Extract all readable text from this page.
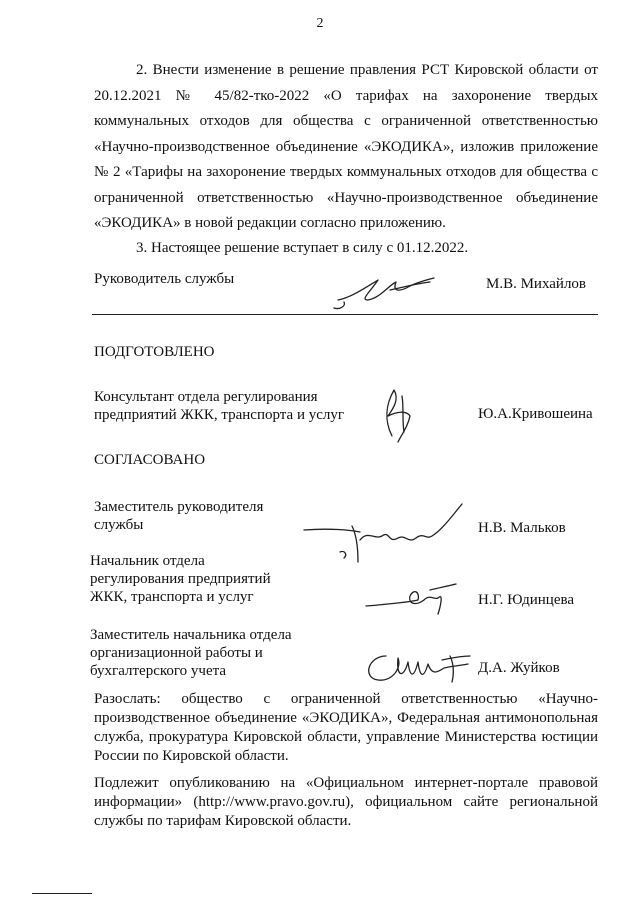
2
2. Внести изменение в решение правления РСТ Кировской области от 20.12.2021 № 45/82-тко-2022 «О тарифах на захоронение твердых коммунальных отходов для общества с ограниченной ответственностью «Научно-производственное объединение «ЭКОДИКА», изложив приложение № 2 «Тарифы на захоронение твердых коммунальных отходов для общества с ограниченной ответственностью «Научно-производственное объединение «ЭКОДИКА» в новой редакции согласно приложению.
3. Настоящее решение вступает в силу с 01.12.2022.
Руководитель службы	М.В. Михайлов
ПОДГОТОВЛЕНО
Консультант отдела регулирования
предприятий ЖКК, транспорта и услуг	Ю.А.Кривошеина
СОГЛАСОВАНО
Заместитель руководителя
службы	Н.В. Мальков
Начальник отдела
регулирования предприятий
ЖКК, транспорта и услуг	Н.Г. Юдинцева
Заместитель начальника отдела
организационной работы и
бухгалтерского учета	Д.А. Жуйков
Разослать: общество с ограниченной ответственностью «Научно-производственное объединение «ЭКОДИКА», Федеральная антимонопольная служба, прокуратура Кировской области, управление Министерства юстиции России по Кировской области.
Подлежит опубликованию на «Официальном интернет-портале правовой информации» (http://www.pravo.gov.ru), официальном сайте региональной службы по тарифам Кировской области.
